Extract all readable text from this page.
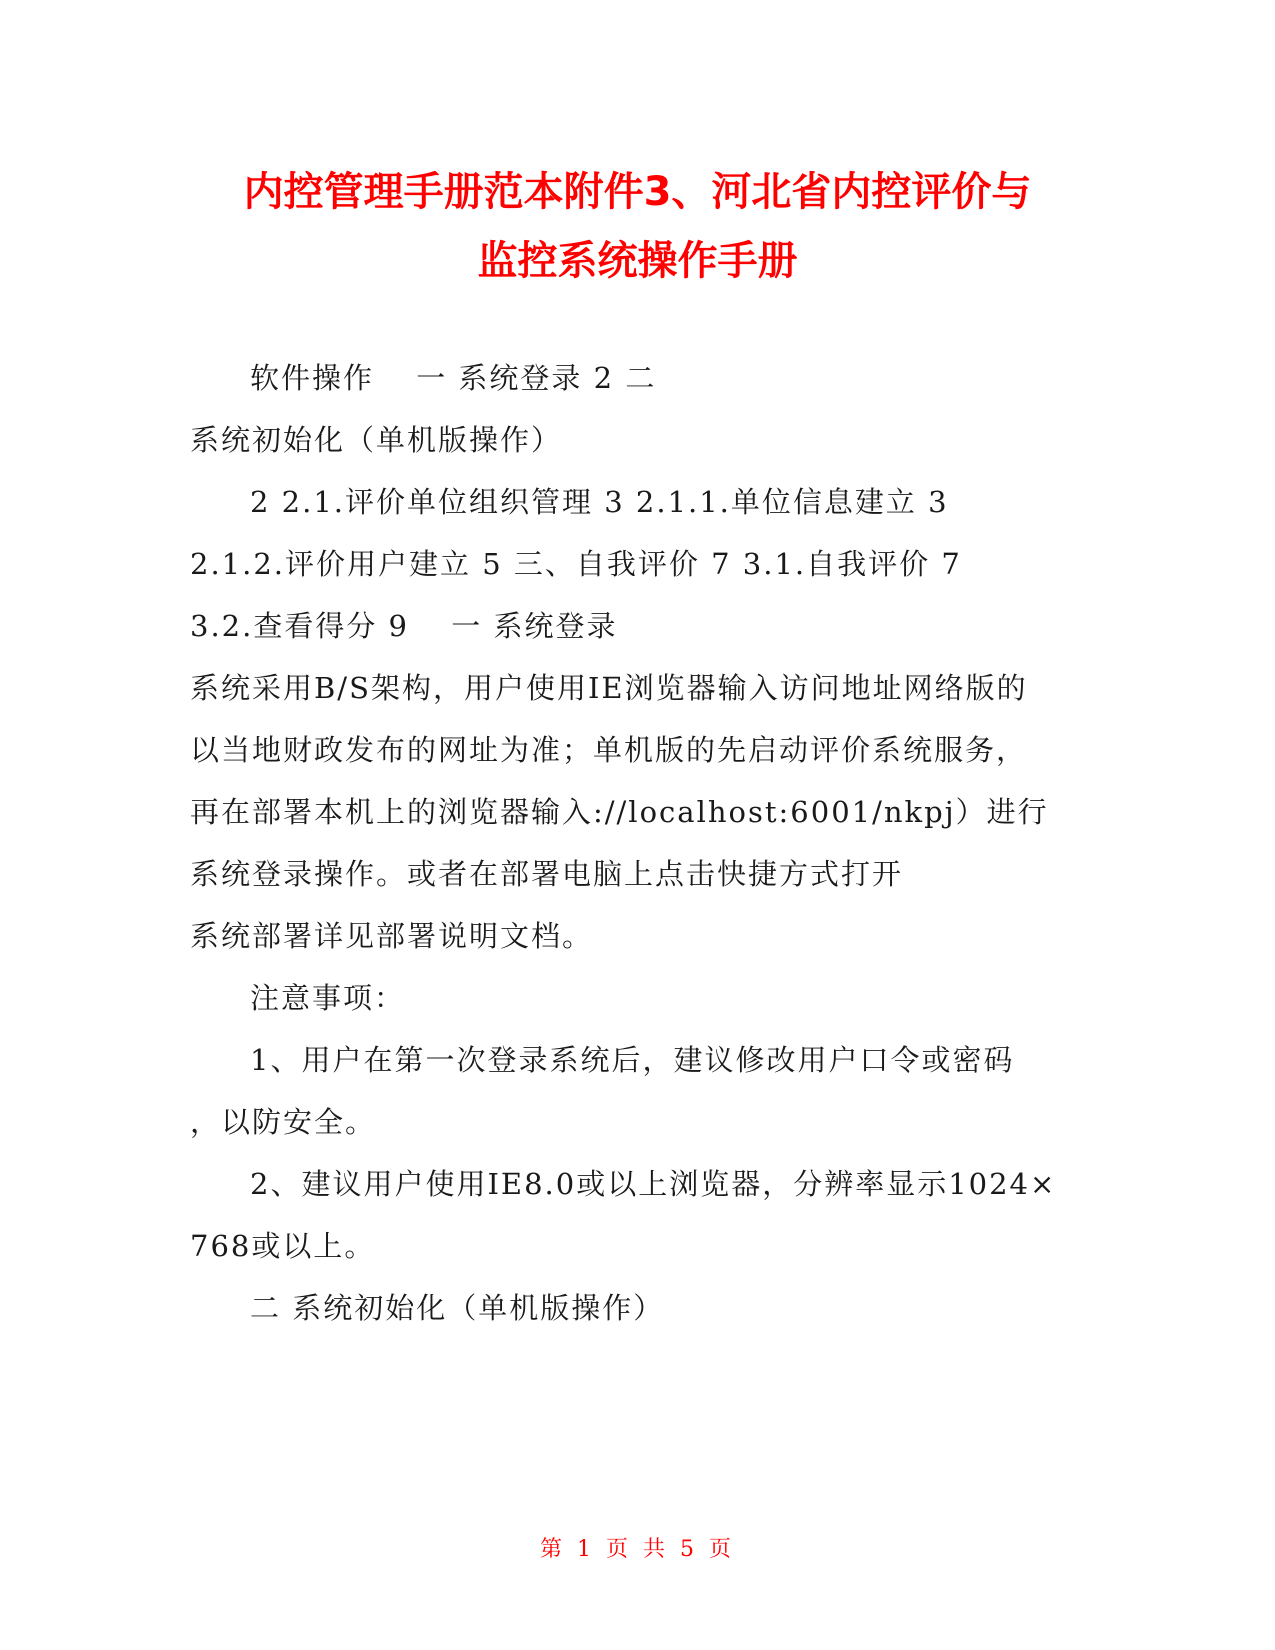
内控管理手册范本附件3、河北省内控评价与
监控系统操作手册
软件操作　 一 系统登录 2 二
系统初始化（单机版操作）
2 2.1.评价单位组织管理 3 2.1.1.单位信息建立 3
2.1.2.评价用户建立 5 三、自我评价 7 3.1.自我评价 7
3.2.查看得分 9　 一 系统登录
系统采用B/S架构，用户使用IE浏览器输入访问地址网络版的
以当地财政发布的网址为准；单机版的先启动评价系统服务，
再在部署本机上的浏览器输入://localhost:6001/nkpj）进行
系统登录操作。或者在部署电脑上点击快捷方式打开
系统部署详见部署说明文档。
注意事项：
1、用户在第一次登录系统后，建议修改用户口令或密码
，以防安全。
2、建议用户使用IE8.0或以上浏览器，分辨率显示1024×
768或以上。
二 系统初始化（单机版操作）
第 1 页 共 5 页
